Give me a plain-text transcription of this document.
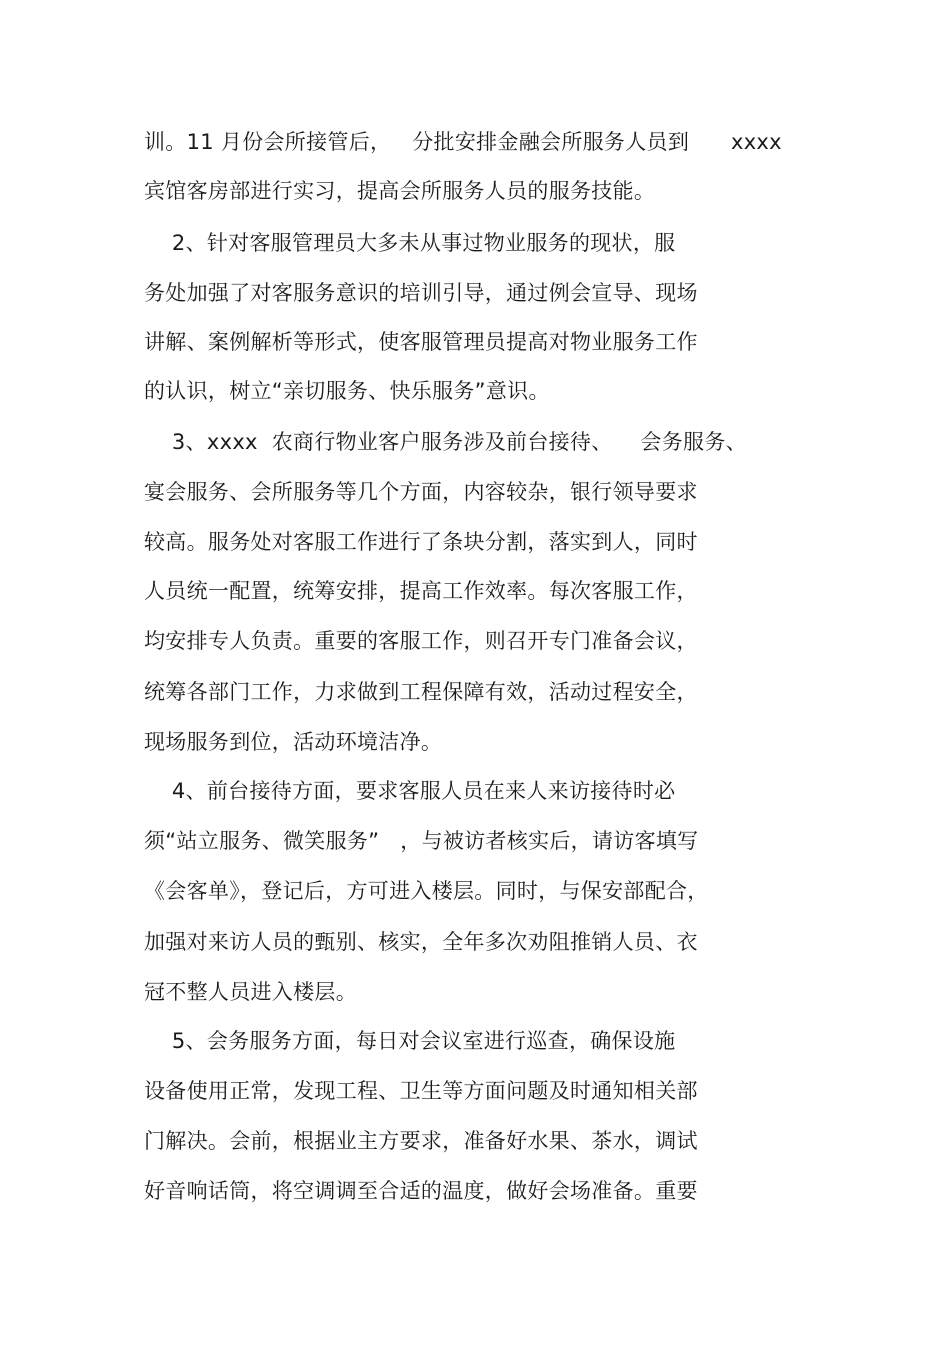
训。11 月份会所接管后，   分批安排金融会所服务人员到      xxxx
宾馆客房部进行实习，提高会所服务人员的服务技能。
2、针对客服管理员大多未从事过物业服务的现状，服
务处加强了对客服务意识的培训引导，通过例会宣导、现场
讲解、案例解析等形式，使客服管理员提高对物业服务工作
的认识，树立“亲切服务、快乐服务”意识。
3、xxxx  农商行物业客户服务涉及前台接待、    会务服务、
宴会服务、会所服务等几个方面，内容较杂，银行领导要求
较高。服务处对客服工作进行了条块分割，落实到人，同时
人员统一配置，统筹安排，提高工作效率。每次客服工作，
均安排专人负责。重要的客服工作，则召开专门准备会议，
统筹各部门工作，力求做到工程保障有效，活动过程安全，
现场服务到位，活动环境洁净。
4、前台接待方面，要求客服人员在来人来访接待时必
须“站立服务、微笑服务”   ，与被访者核实后，请访客填写
《会客单》，登记后，方可进入楼层。同时，与保安部配合，
加强对来访人员的甄别、核实，全年多次劝阻推销人员、衣
冠不整人员进入楼层。
5、会务服务方面，每日对会议室进行巡查，确保设施
设备使用正常，发现工程、卫生等方面问题及时通知相关部
门解决。会前，根据业主方要求，准备好水果、茶水，调试
好音响话筒，将空调调至合适的温度，做好会场准备。重要
